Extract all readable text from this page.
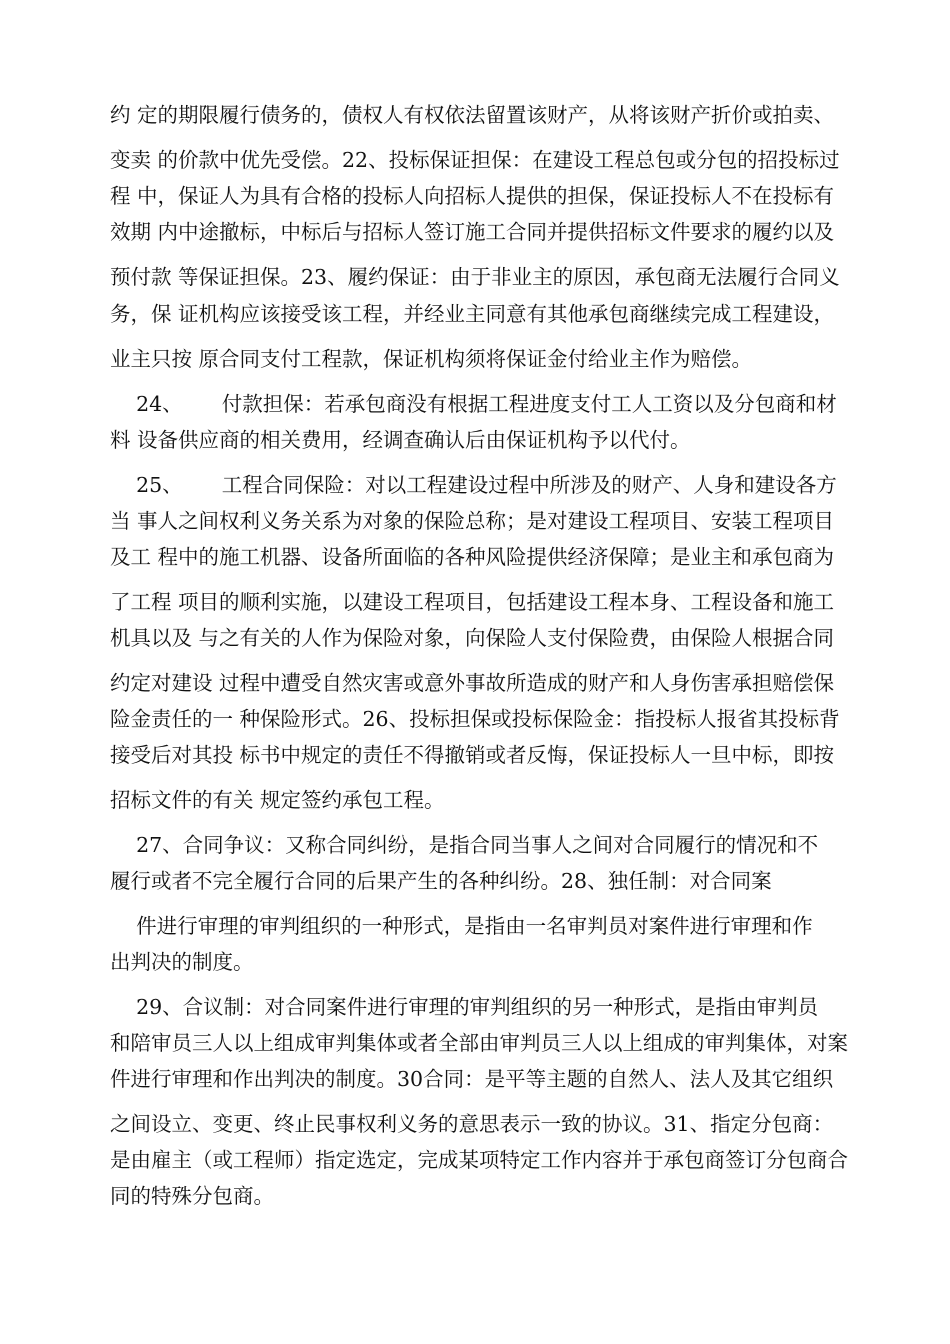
约 定的期限履行债务的，债权人有权依法留置该财产，从将该财产折价或拍卖、
变卖 的价款中优先受偿。22、投标保证担保：在建设工程总包或分包的招投标过
程 中，保证人为具有合格的投标人向招标人提供的担保，保证投标人不在投标有
效期 内中途撤标，中标后与招标人签订施工合同并提供招标文件要求的履约以及
预付款 等保证担保。23、履约保证：由于非业主的原因，承包商无法履行合同义
务，保 证机构应该接受该工程，并经业主同意有其他承包商继续完成工程建设，
业主只按 原合同支付工程款，保证机构须将保证金付给业主作为赔偿。
24、      付款担保：若承包商没有根据工程进度支付工人工资以及分包商和材
料 设备供应商的相关费用，经调查确认后由保证机构予以代付。
25、      工程合同保险：对以工程建设过程中所涉及的财产、人身和建设各方
当 事人之间权利义务关系为对象的保险总称；是对建设工程项目、安装工程项目
及工 程中的施工机器、设备所面临的各种风险提供经济保障；是业主和承包商为
了工程 项目的顺利实施，以建设工程项目，包括建设工程本身、工程设备和施工
机具以及 与之有关的人作为保险对象，向保险人支付保险费，由保险人根据合同
约定对建设 过程中遭受自然灾害或意外事故所造成的财产和人身伤害承担赔偿保
险金责任的一 种保险形式。26、投标担保或投标保险金：指投标人报省其投标背
接受后对其投 标书中规定的责任不得撤销或者反悔，保证投标人一旦中标，即按
招标文件的有关 规定签约承包工程。
27、合同争议：又称合同纠纷，是指合同当事人之间对合同履行的情况和不
履行或者不完全履行合同的后果产生的各种纠纷。28、独任制：对合同案
件进行审理的审判组织的一种形式，是指由一名审判员对案件进行审理和作
出判决的制度。
29、合议制：对合同案件进行审理的审判组织的另一种形式，是指由审判员
和陪审员三人以上组成审判集体或者全部由审判员三人以上组成的审判集体，对案
件进行审理和作出判决的制度。30合同：是平等主题的自然人、法人及其它组织
之间设立、变更、终止民事权利义务的意思表示一致的协议。31、指定分包商：
是由雇主（或工程师）指定选定，完成某项特定工作内容并于承包商签订分包商合
同的特殊分包商。
